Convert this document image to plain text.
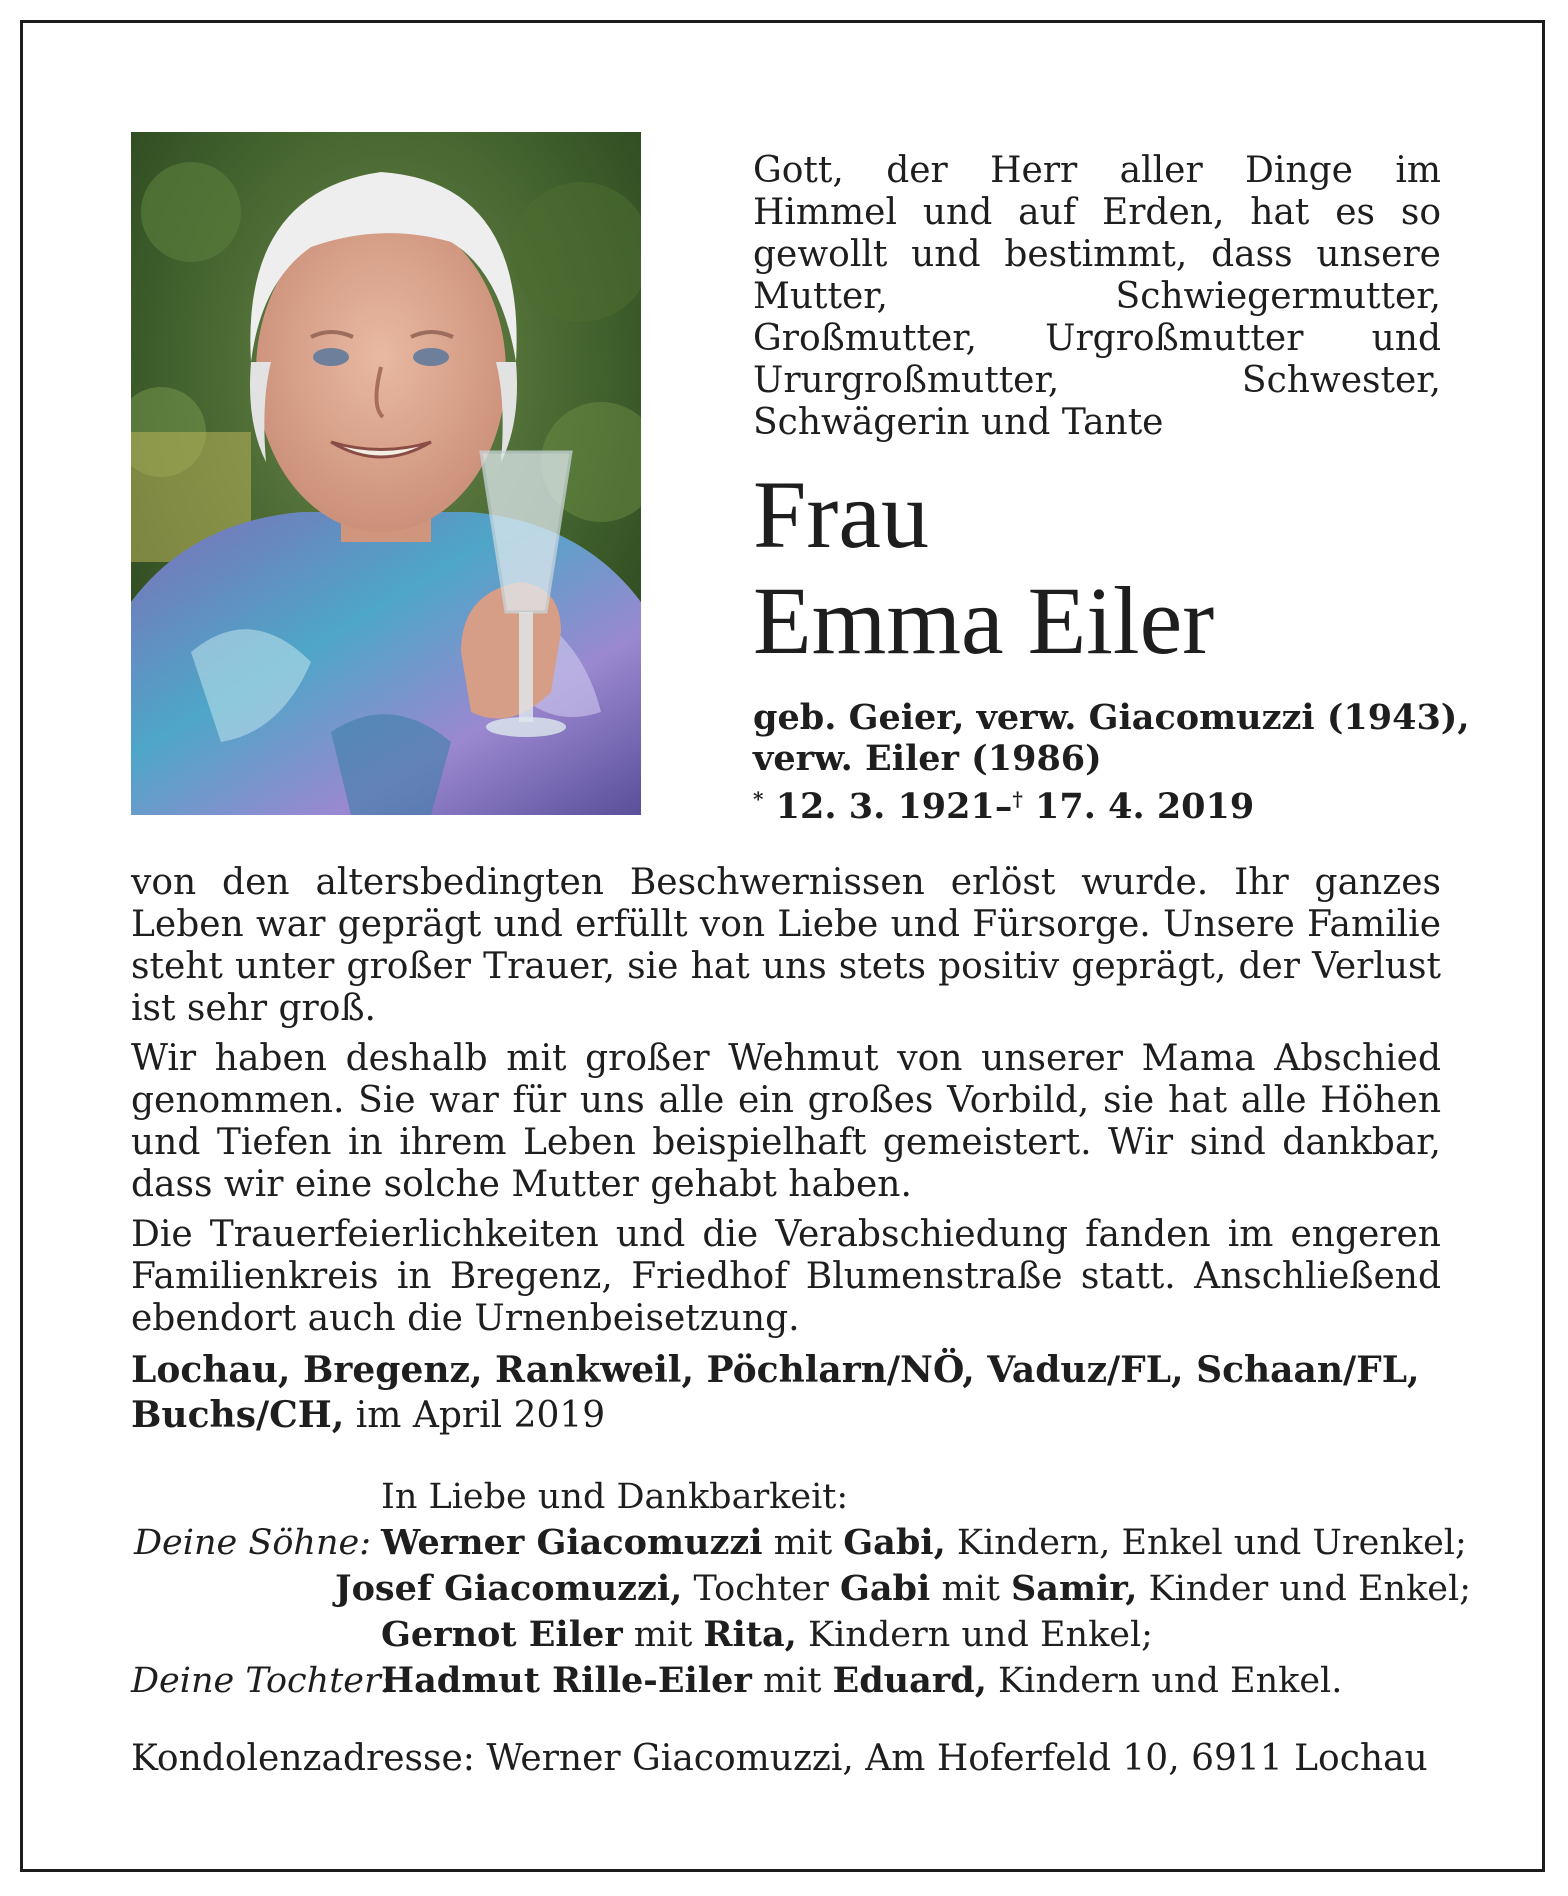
Gott, der Herr aller Dinge im Himmel und auf Erden, hat es so gewollt und bestimmt, dass unsere Mutter, Schwiegermutter, Großmutter, Urgroßmutter und Ururgroßmutter, Schwester, Schwägerin und Tante
Frau
Emma Eiler
geb. Geier, verw. Giacomuzzi (1943),
verw. Eiler (1986)
* 12. 3. 1921–† 17. 4. 2019

von den altersbedingten Beschwernissen erlöst wurde. Ihr ganzes Leben war geprägt und erfüllt von Liebe und Fürsorge. Unsere Familie steht unter großer Trauer, sie hat uns stets positiv geprägt, der Verlust ist sehr groß.

Wir haben deshalb mit großer Wehmut von unserer Mama Abschied genommen. Sie war für uns alle ein großes Vorbild, sie hat alle Höhen und Tiefen in ihrem Leben beispielhaft gemeistert. Wir sind dankbar, dass wir eine solche Mutter gehabt haben.

Die Trauerfeierlichkeiten und die Verabschiedung fanden im engeren Familienkreis in Bregenz, Friedhof Blumenstraße statt. Anschließend ebendort auch die Urnenbeisetzung.

Lochau, Bregenz, Rankweil, Pöchlarn/NÖ, Vaduz/FL, Schaan/FL, Buchs/CH, im April 2019
In Liebe und Dankbarkeit:
Deine Söhne: Werner Giacomuzzi mit Gabi, Kindern, Enkel und Urenkel;
Josef Giacomuzzi, Tochter Gabi mit Samir, Kinder und Enkel;
Gernot Eiler mit Rita, Kindern und Enkel;
Deine Tochter:
Hadmut Rille-Eiler mit Eduard, Kindern und Enkel.
Kondolenzadresse: Werner Giacomuzzi, Am Hoferfeld 10, 6911 Lochau
